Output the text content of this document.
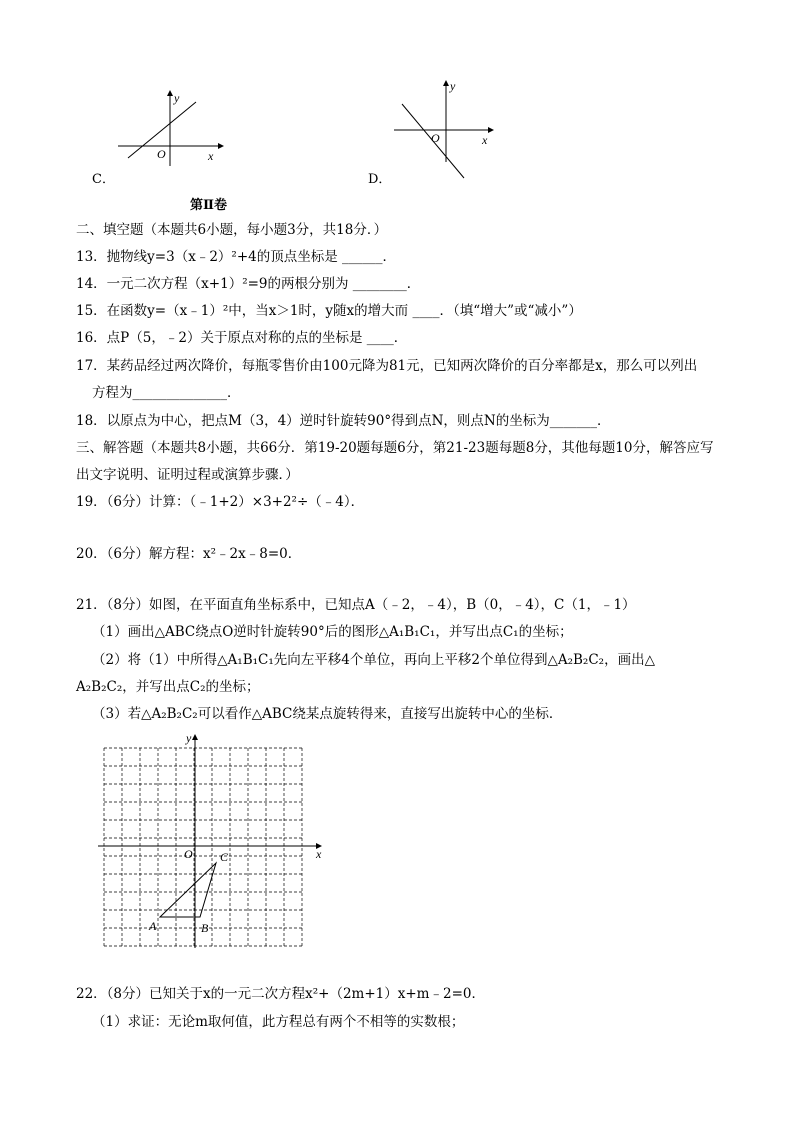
y
x
O
C．
y
x
O
D．
第Ⅱ卷
二、填空题（本题共6小题，每小题3分，共18分．）
13．抛物线y=3（x﹣2）²+4的顶点坐标是 ______．
14．一元二次方程（x+1）²=9的两根分别为 ________．
15．在函数y=（x﹣1）²中，当x＞1时，y随x的增大而 ____．（填“增大”或“减小”）
16．点P（5，﹣2）关于原点对称的点的坐标是 ____．
17．某药品经过两次降价，每瓶零售价由100元降为81元，已知两次降价的百分率都是x，那么可以列出
方程为______________．
18．以原点为中心，把点M（3，4）逆时针旋转90°得到点N，则点N的坐标为_______．
三、解答题（本题共8小题，共66分．第19-20题每题6分，第21-23题每题8分，其他每题10分，解答应写
出文字说明、证明过程或演算步骤．）
19．（6分）计算：（﹣1+2）×3+2²÷（﹣4）．
20．（6分）解方程：x²﹣2x﹣8=0．
21．（8分）如图，在平面直角坐标系中，已知点A（﹣2，﹣4），B（0，﹣4），C（1，﹣1）
（1）画出△ABC绕点O逆时针旋转90°后的图形△A₁B₁C₁，并写出点C₁的坐标；
（2）将（1）中所得△A₁B₁C₁先向左平移4个单位，再向上平移2个单位得到△A₂B₂C₂，画出△
A₂B₂C₂，并写出点C₂的坐标；
（3）若△A₂B₂C₂可以看作△ABC绕某点旋转得来，直接写出旋转中心的坐标．
y
x
O
A	B
C
22．（8分）已知关于x的一元二次方程x²+（2m+1）x+m﹣2=0．
（1）求证：无论m取何值，此方程总有两个不相等的实数根；
